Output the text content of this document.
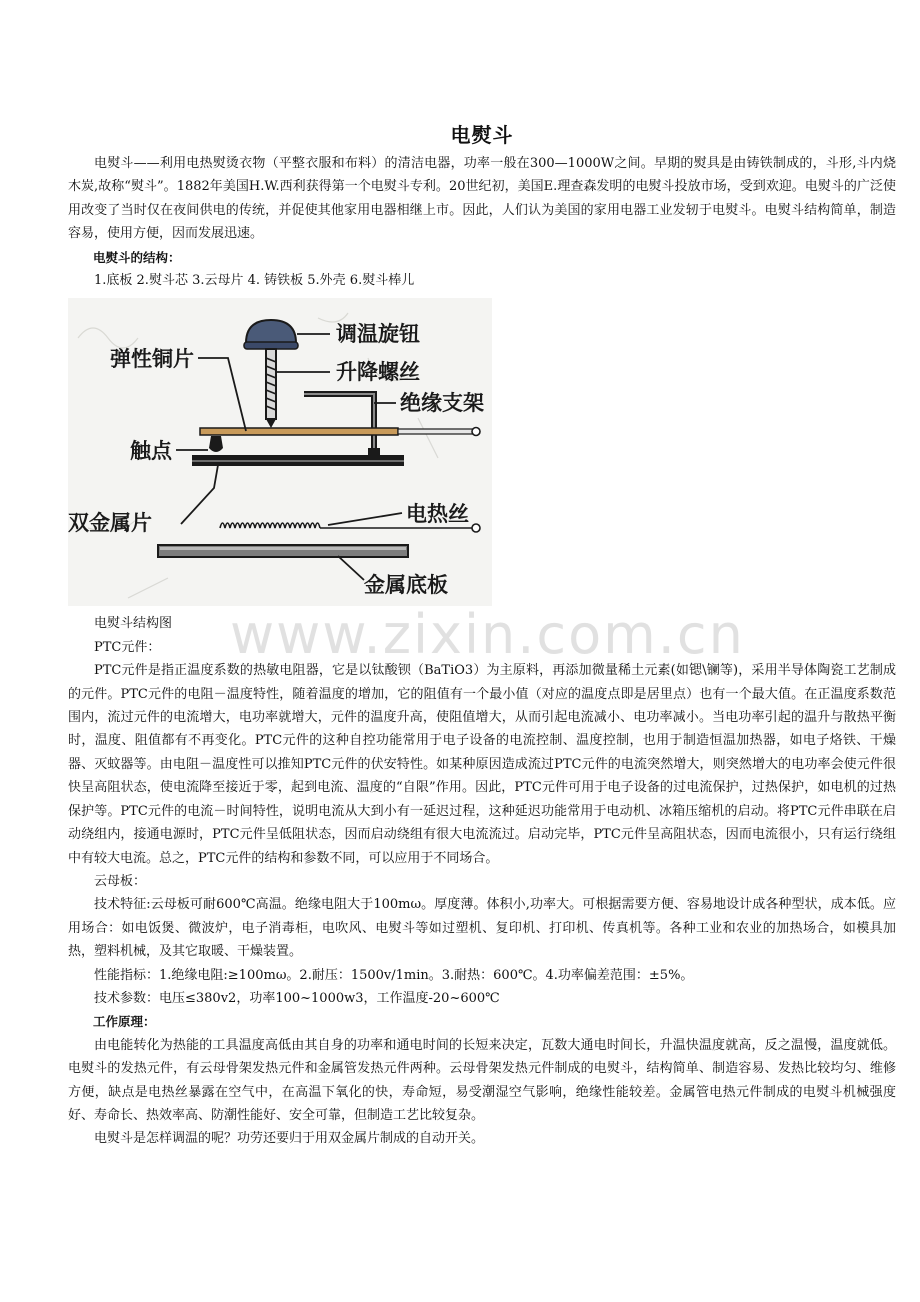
电熨斗

电熨斗——利用电热熨烫衣物（平整衣服和布料）的清洁电器，功率一般在300—1000W之间。早期的熨具是由铸铁制成的，斗形,斗内烧木炭,故称“熨斗”。1882年美国H.W.西利获得第一个电熨斗专利。20世纪初，美国E.理查森发明的电熨斗投放市场，受到欢迎。电熨斗的广泛使用改变了当时仅在夜间供电的传统，并促使其他家用电器相继上市。因此，人们认为美国的家用电器工业发轫于电熨斗。电熨斗结构简单，制造容易，使用方便，因而发展迅速。

电熨斗的结构：

1.底板 2.熨斗芯 3.云母片 4. 铸铁板 5.外壳 6.熨斗棒儿

调温旋钮
升降螺丝
弹性铜片
绝缘支架
触点
双金属片	电热丝
金属底板

电熨斗结构图

PTC元件：

PTC元件是指正温度系数的热敏电阻器，它是以钛酸钡（BaTiO3）为主原料，再添加微量稀土元素(如锶\镧等)，采用半导体陶瓷工艺制成的元件。PTC元件的电阻－温度特性，随着温度的增加，它的阻值有一个最小值（对应的温度点即是居里点）也有一个最大值。在正温度系数范围内，流过元件的电流增大，电功率就增大，元件的温度升高，使阻值增大，从而引起电流减小、电功率减小。当电功率引起的温升与散热平衡时，温度、阻值都有不再变化。PTC元件的这种自控功能常用于电子设备的电流控制、温度控制，也用于制造恒温加热器，如电子烙铁、干燥器、灭蚊器等。由电阻－温度性可以推知PTC元件的伏安特性。如某种原因造成流过PTC元件的电流突然增大，则突然增大的电功率会使元件很快呈高阻状态，使电流降至接近于零，起到电流、温度的“自限”作用。因此，PTC元件可用于电子设备的过电流保护，过热保护，如电机的过热保护等。PTC元件的电流－时间特性，说明电流从大到小有一延迟过程，这种延迟功能常用于电动机、冰箱压缩机的启动。将PTC元件串联在启动绕组内，接通电源时，PTC元件呈低阻状态，因而启动绕组有很大电流流过。启动完毕，PTC元件呈高阻状态，因而电流很小，只有运行绕组中有较大电流。总之，PTC元件的结构和参数不同，可以应用于不同场合。

云母板：

技术特征:云母板可耐600℃高温。绝缘电阻大于100mω。厚度薄。体积小,功率大。可根据需要方便、容易地设计成各种型状，成本低。应用场合：如电饭煲、微波炉，电子消毒柜，电吹风、电熨斗等如过塑机、复印机、打印机、传真机等。各种工业和农业的加热场合，如模具加热，塑料机械，及其它取暖、干燥装置。

性能指标：1.绝缘电阻:≥100mω。2.耐压：1500v/1min。3.耐热：600℃。4.功率偏差范围：±5%。

技术参数：电压≤380v2，功率100~1000w3，工作温度-20~600℃

工作原理：

由电能转化为热能的工具温度高低由其自身的功率和通电时间的长短来决定，瓦数大通电时间长，升温快温度就高，反之温慢，温度就低。电熨斗的发热元件，有云母骨架发热元件和金属管发热元件两种。云母骨架发热元件制成的电熨斗，结构简单、制造容易、发热比较均匀、维修方便，缺点是电热丝暴露在空气中，在高温下氧化的快，寿命短，易受潮湿空气影响，绝缘性能较差。金属管电热元件制成的电熨斗机械强度好、寿命长、热效率高、防潮性能好、安全可靠，但制造工艺比较复杂。

电熨斗是怎样调温的呢？功劳还要归于用双金属片制成的自动开关。

www.zixin.com.cn
